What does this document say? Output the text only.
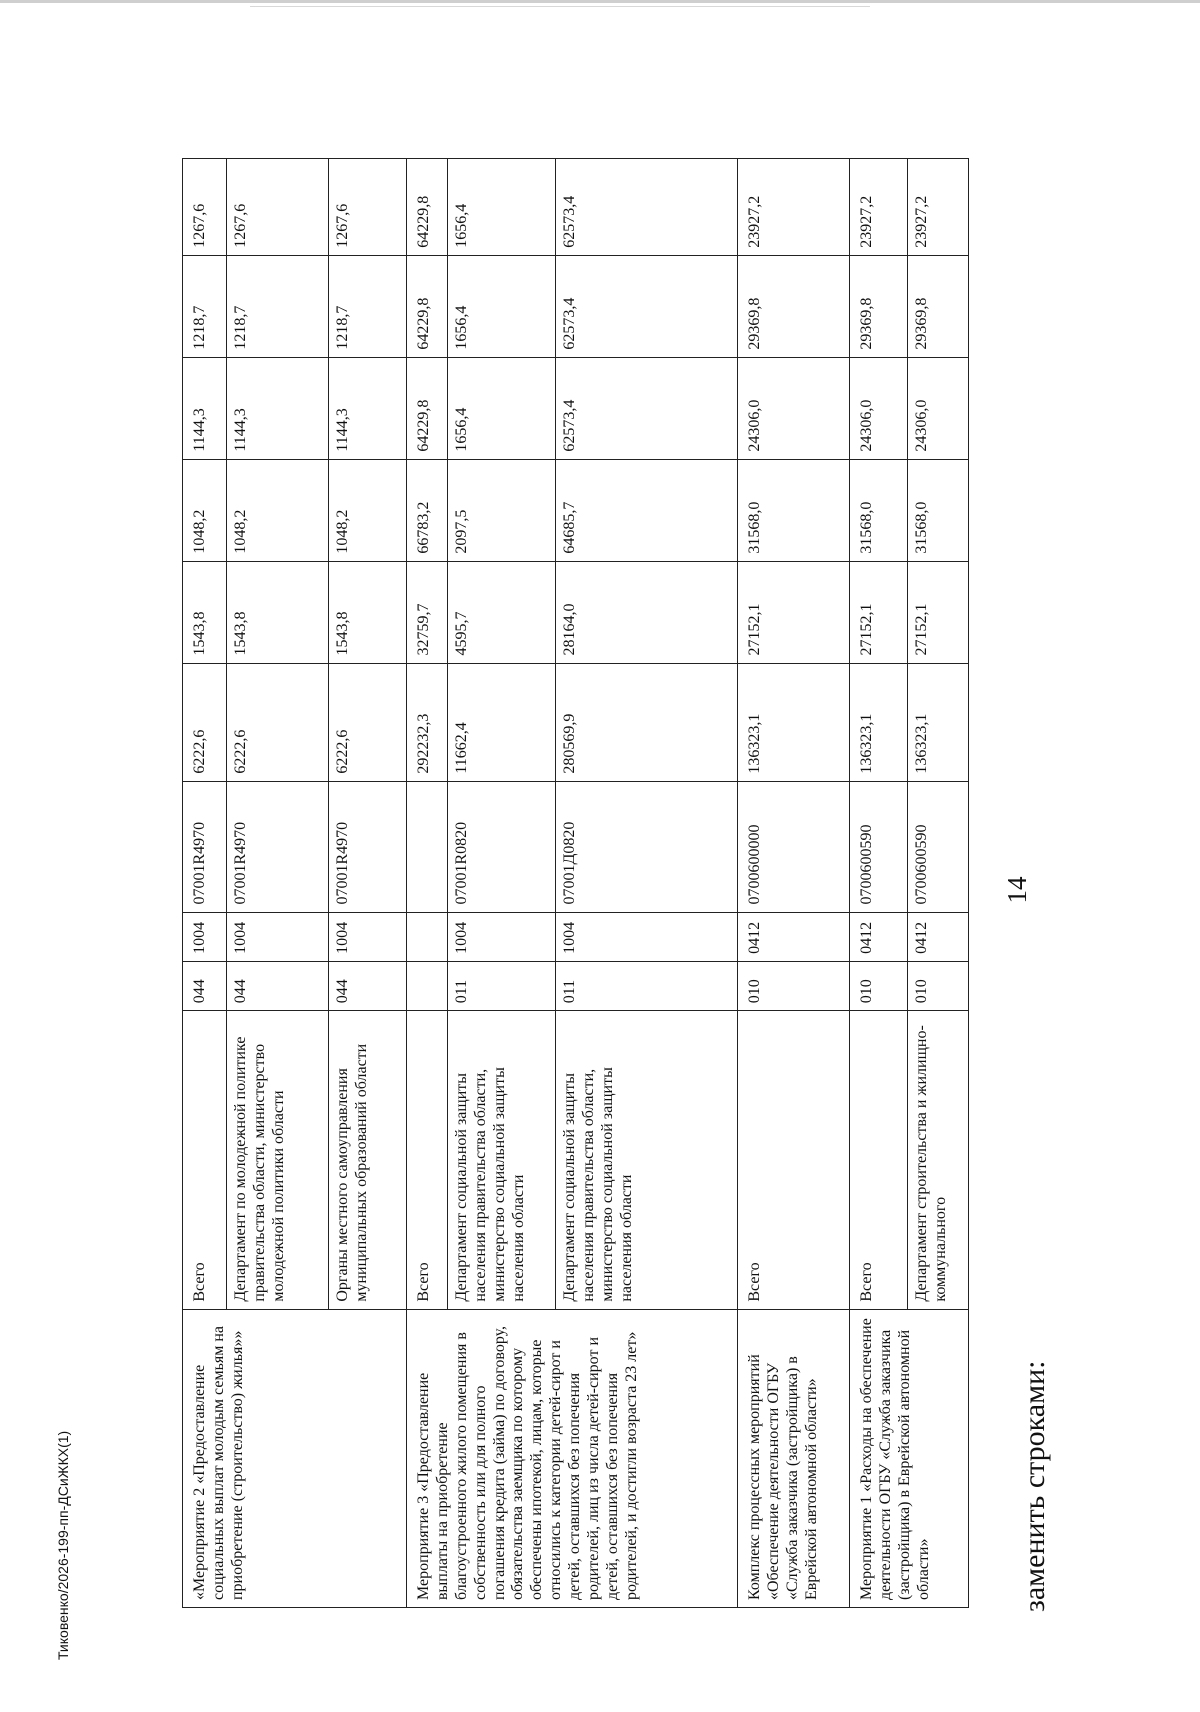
14
заменить строками:
«Мероприятие 2 «Предоставление социальных выплат молодым семьям на приобретение (строительство) жилья»»	Всего	044	1004	07001R4970	6222,6	1543,8	1048,2	1144,3	1218,7	1267,6
	Департамент по молодежной политике правительства области, министерство молодежной политики области	044	1004	07001R4970	6222,6	1543,8	1048,2	1144,3	1218,7	1267,6
	Органы местного самоуправления муниципальных образований области	044	1004	07001R4970	6222,6	1543,8	1048,2	1144,3	1218,7	1267,6
Мероприятие 3 «Предоставление выплаты на приобретение благоустроенного жилого помещения в собственность или для полного погашения кредита (займа) по договору, обязательства заемщика по которому обеспечены ипотекой, лицам, которые относились к категории детей-сирот и детей, оставшихся без попечения родителей, лиц из числа детей-сирот и детей, оставшихся без попечения родителей, и достигли возраста 23 лет»	Всего				292232,3	32759,7	66783,2	64229,8	64229,8	64229,8
	Департамент социальной защиты населения правительства области, министерство социальной защиты населения области	011	1004	07001R0820	11662,4	4595,7	2097,5	1656,4	1656,4	1656,4
	Департамент социальной защиты населения правительства области, министерство социальной защиты населения области	011	1004	07001Д0820	280569,9	28164,0	64685,7	62573,4	62573,4	62573,4
Комплекс процессных мероприятий «Обеспечение деятельности ОГБУ «Служба заказчика (застройщика) в Еврейской автономной области»	Всего	010	0412	0700600000	136323,1	27152,1	31568,0	24306,0	29369,8	23927,2
Мероприятие 1 «Расходы на обеспечение деятельности ОГБУ «Служба заказчика (застройщика) в Еврейской автономной области»	Всего	010	0412	0700600590	136323,1	27152,1	31568,0	24306,0	29369,8	23927,2
	Департамент строительства и жилищно-коммунального	010	0412	0700600590	136323,1	27152,1	31568,0	24306,0	29369,8	23927,2
Тиковенко/2026-199-пп-ДСиЖКХ(1)
